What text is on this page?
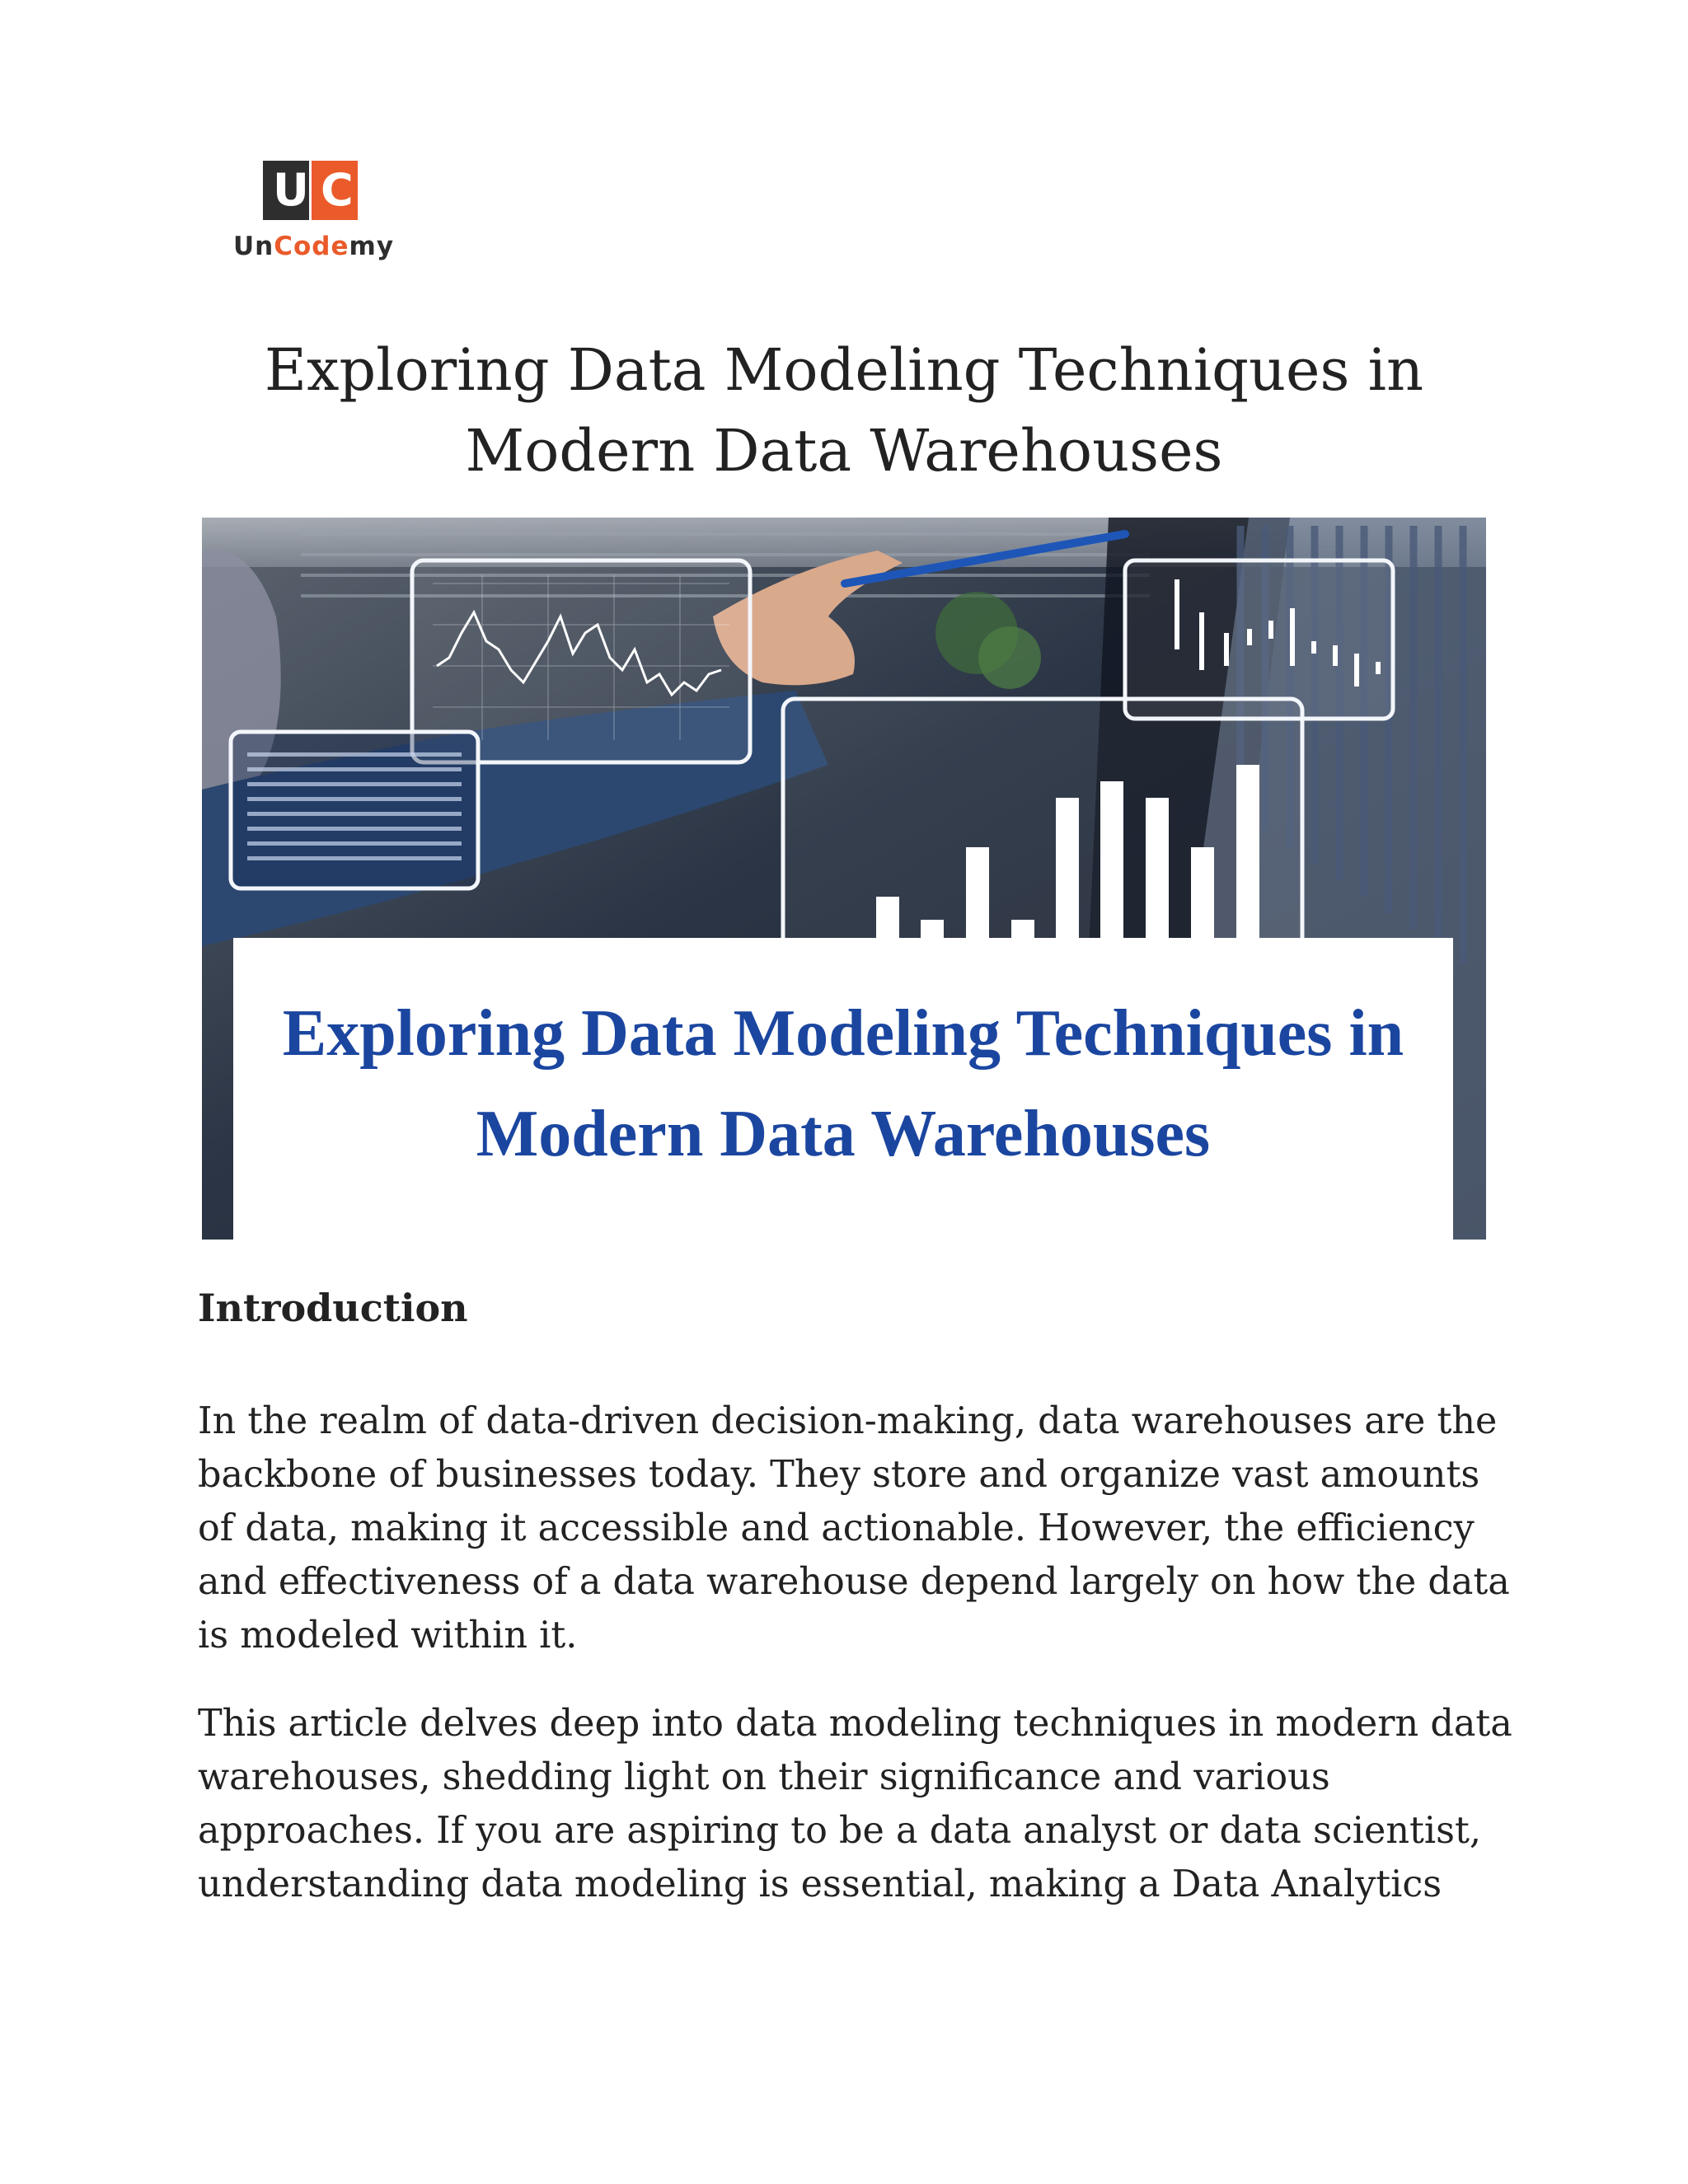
U C
UnCodemy
Exploring Data Modeling Techniques in Modern Data Warehouses
Exploring Data Modeling Techniques in Modern Data Warehouses
Introduction

In the realm of data-driven decision-making, data warehouses are the backbone of businesses today. They store and organize vast amounts of data, making it accessible and actionable. However, the efficiency and effectiveness of a data warehouse depend largely on how the data is modeled within it.

This article delves deep into data modeling techniques in modern data warehouses, shedding light on their significance and various approaches. If you are aspiring to be a data analyst or data scientist, understanding data modeling is essential, making a Data Analytics
